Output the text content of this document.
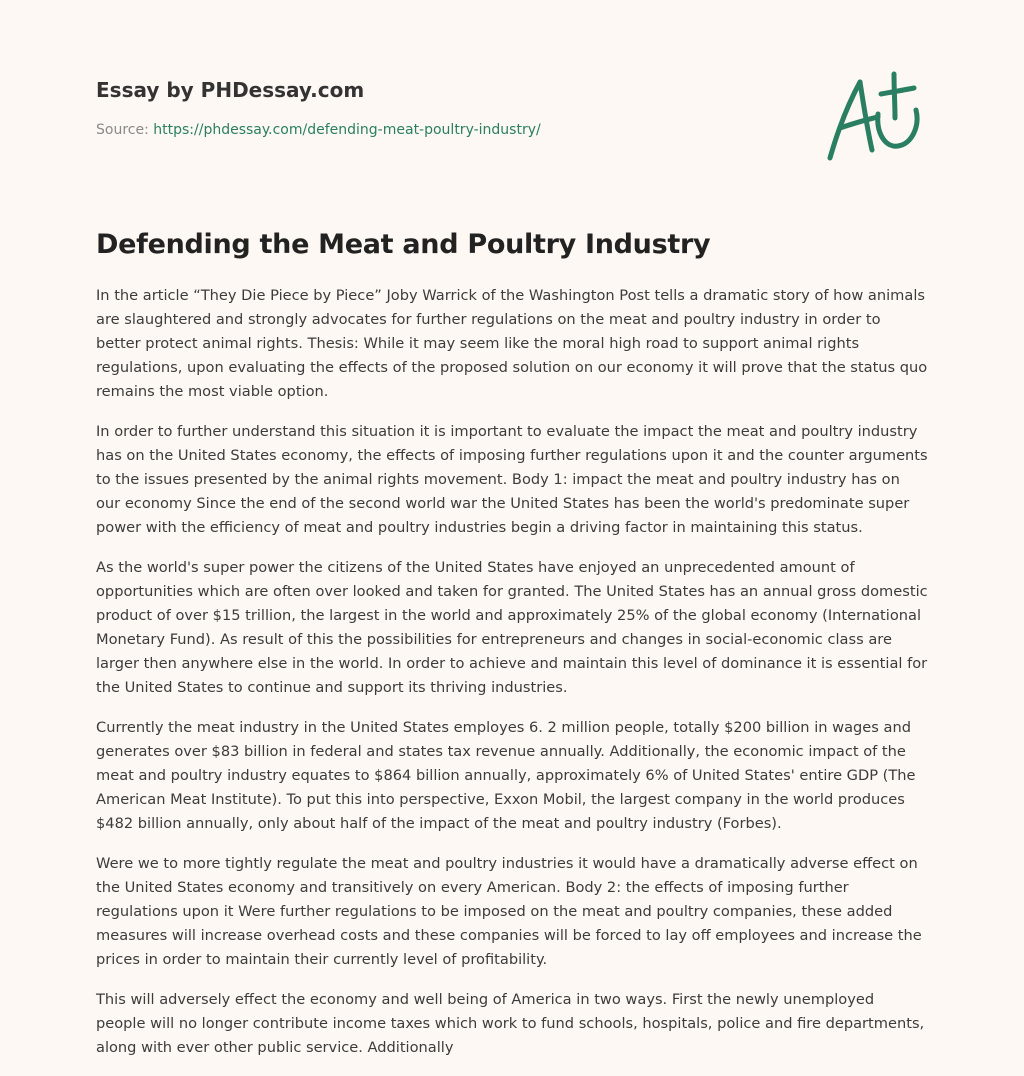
Essay by PHDessay.com
Source: https://phdessay.com/defending-meat-poultry-industry/
Defending the Meat and Poultry Industry

In the article “They Die Piece by Piece” Joby Warrick of the Washington Post tells a dramatic story of how animals are slaughtered and strongly advocates for further regulations on the meat and poultry industry in order to better protect animal rights. Thesis: While it may seem like the moral high road to support animal rights regulations, upon evaluating the effects of the proposed solution on our economy it will prove that the status quo remains the most viable option.

In order to further understand this situation it is important to evaluate the impact the meat and poultry industry has on the United States economy, the effects of imposing further regulations upon it and the counter arguments to the issues presented by the animal rights movement. Body 1: impact the meat and poultry industry has on our economy Since the end of the second world war the United States has been the world's predominate super power with the efficiency of meat and poultry industries begin a driving factor in maintaining this status.

As the world's super power the citizens of the United States have enjoyed an unprecedented amount of opportunities which are often over looked and taken for granted. The United States has an annual gross domestic product of over $15 trillion, the largest in the world and approximately 25% of the global economy (International Monetary Fund). As result of this the possibilities for entrepreneurs and changes in social-economic class are larger then anywhere else in the world. In order to achieve and maintain this level of dominance it is essential for the United States to continue and support its thriving industries.

Currently the meat industry in the United States employes 6. 2 million people, totally $200 billion in wages and generates over $83 billion in federal and states tax revenue annually. Additionally, the economic impact of the meat and poultry industry equates to $864 billion annually, approximately 6% of United States' entire GDP (The American Meat Institute). To put this into perspective, Exxon Mobil, the largest company in the world produces $482 billion annually, only about half of the impact of the meat and poultry industry (Forbes).

Were we to more tightly regulate the meat and poultry industries it would have a dramatically adverse effect on the United States economy and transitively on every American. Body 2: the effects of imposing further regulations upon it Were further regulations to be imposed on the meat and poultry companies, these added measures will increase overhead costs and these companies will be forced to lay off employees and increase the prices in order to maintain their currently level of profitability.

This will adversely effect the economy and well being of America in two ways. First the newly unemployed people will no longer contribute income taxes which work to fund schools, hospitals, police and fire departments, along with ever other public service. Additionally
